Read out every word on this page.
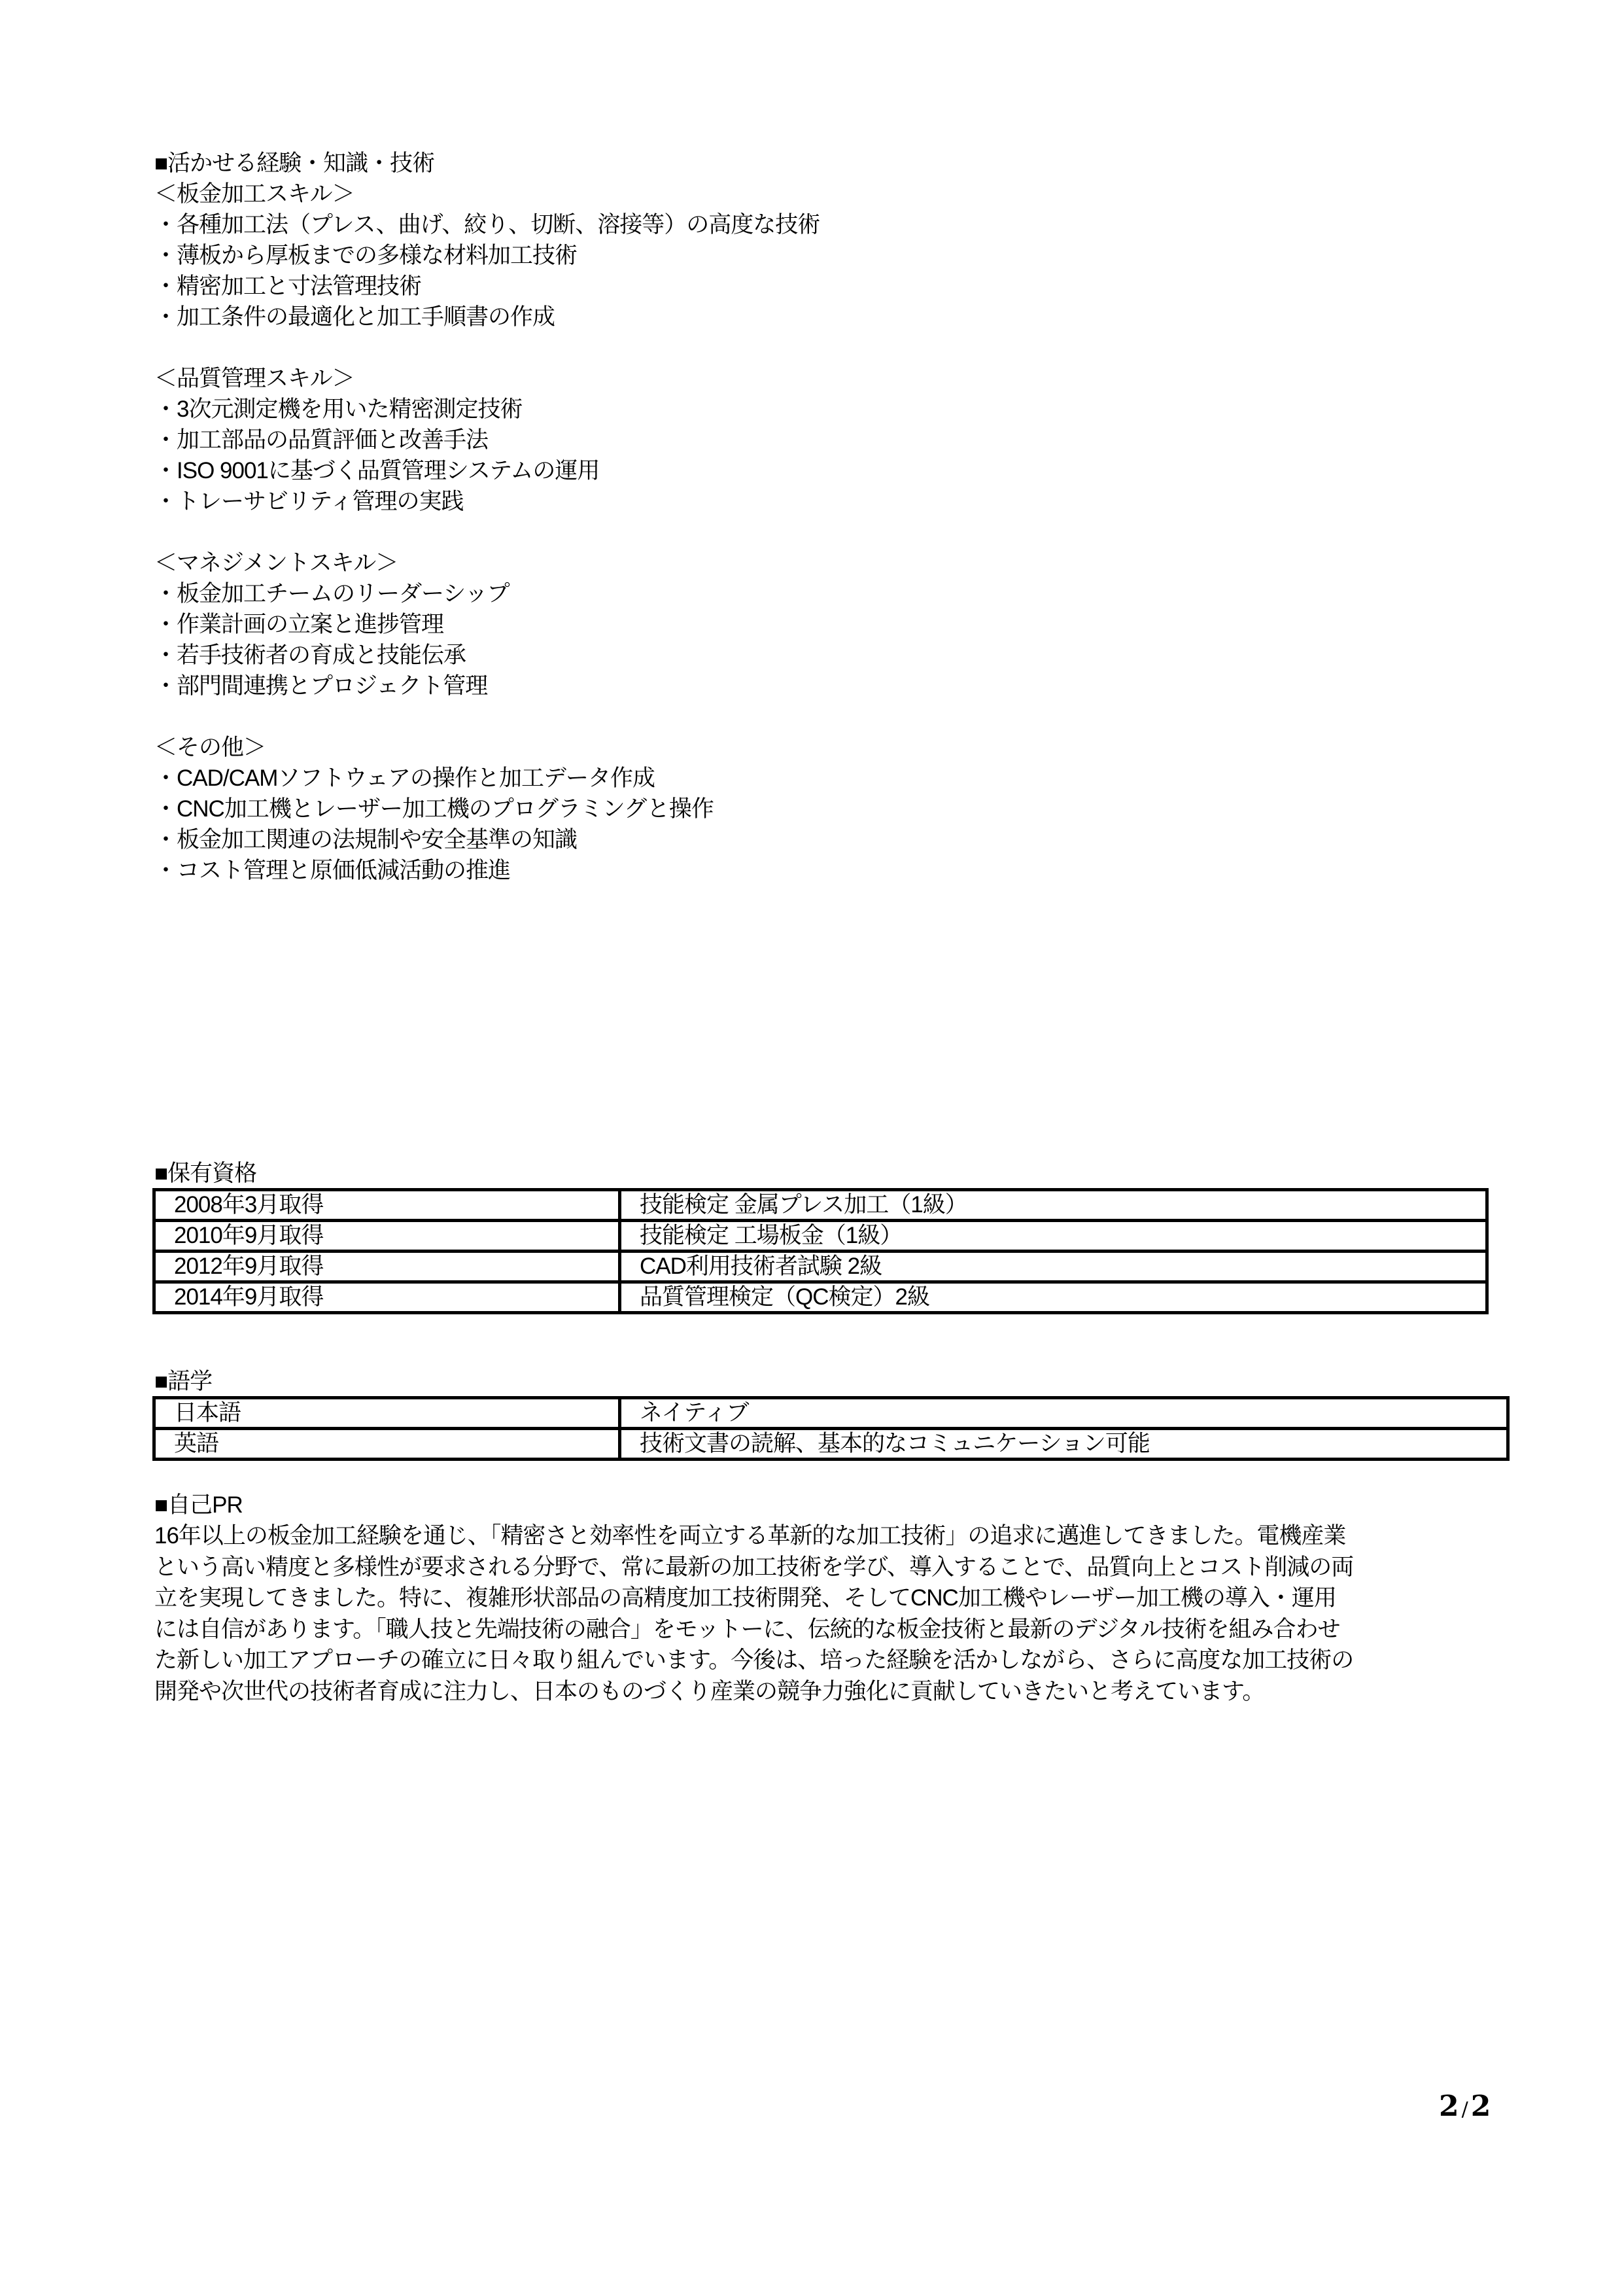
■活かせる経験・知識・技術
＜板金加工スキル＞
・各種加工法（プレス、曲げ、絞り、切断、溶接等）の高度な技術
・薄板から厚板までの多様な材料加工技術
・精密加工と寸法管理技術
・加工条件の最適化と加工手順書の作成
＜品質管理スキル＞
・3次元測定機を用いた精密測定技術
・加工部品の品質評価と改善手法
・ISO 9001に基づく品質管理システムの運用
・トレーサビリティ管理の実践
＜マネジメントスキル＞
・板金加工チームのリーダーシップ
・作業計画の立案と進捗管理
・若手技術者の育成と技能伝承
・部門間連携とプロジェクト管理
＜その他＞
・CAD/CAMソフトウェアの操作と加工データ作成
・CNC加工機とレーザー加工機のプログラミングと操作
・板金加工関連の法規制や安全基準の知識
・コスト管理と原価低減活動の推進
■保有資格
2008年3月取得	技能検定 金属プレス加工（1級）
2010年9月取得	技能検定 工場板金（1級）
2012年9月取得	CAD利用技術者試験 2級
2014年9月取得	品質管理検定（QC検定）2級
■語学
日本語	ネイティブ
英語	技術文書の読解、基本的なコミュニケーション可能
■自己PR
16年以上の板金加工経験を通じ、「精密さと効率性を両立する革新的な加工技術」の追求に邁進してきました。電機産業
という高い精度と多様性が要求される分野で、常に最新の加工技術を学び、導入することで、品質向上とコスト削減の両
立を実現してきました。特に、複雑形状部品の高精度加工技術開発、そしてCNC加工機やレーザー加工機の導入・運用
には自信があります。「職人技と先端技術の融合」をモットーに、伝統的な板金技術と最新のデジタル技術を組み合わせ
た新しい加工アプローチの確立に日々取り組んでいます。今後は、培った経験を活かしながら、さらに高度な加工技術の
開発や次世代の技術者育成に注力し、日本のものづくり産業の競争力強化に貢献していきたいと考えています。
2 /2
